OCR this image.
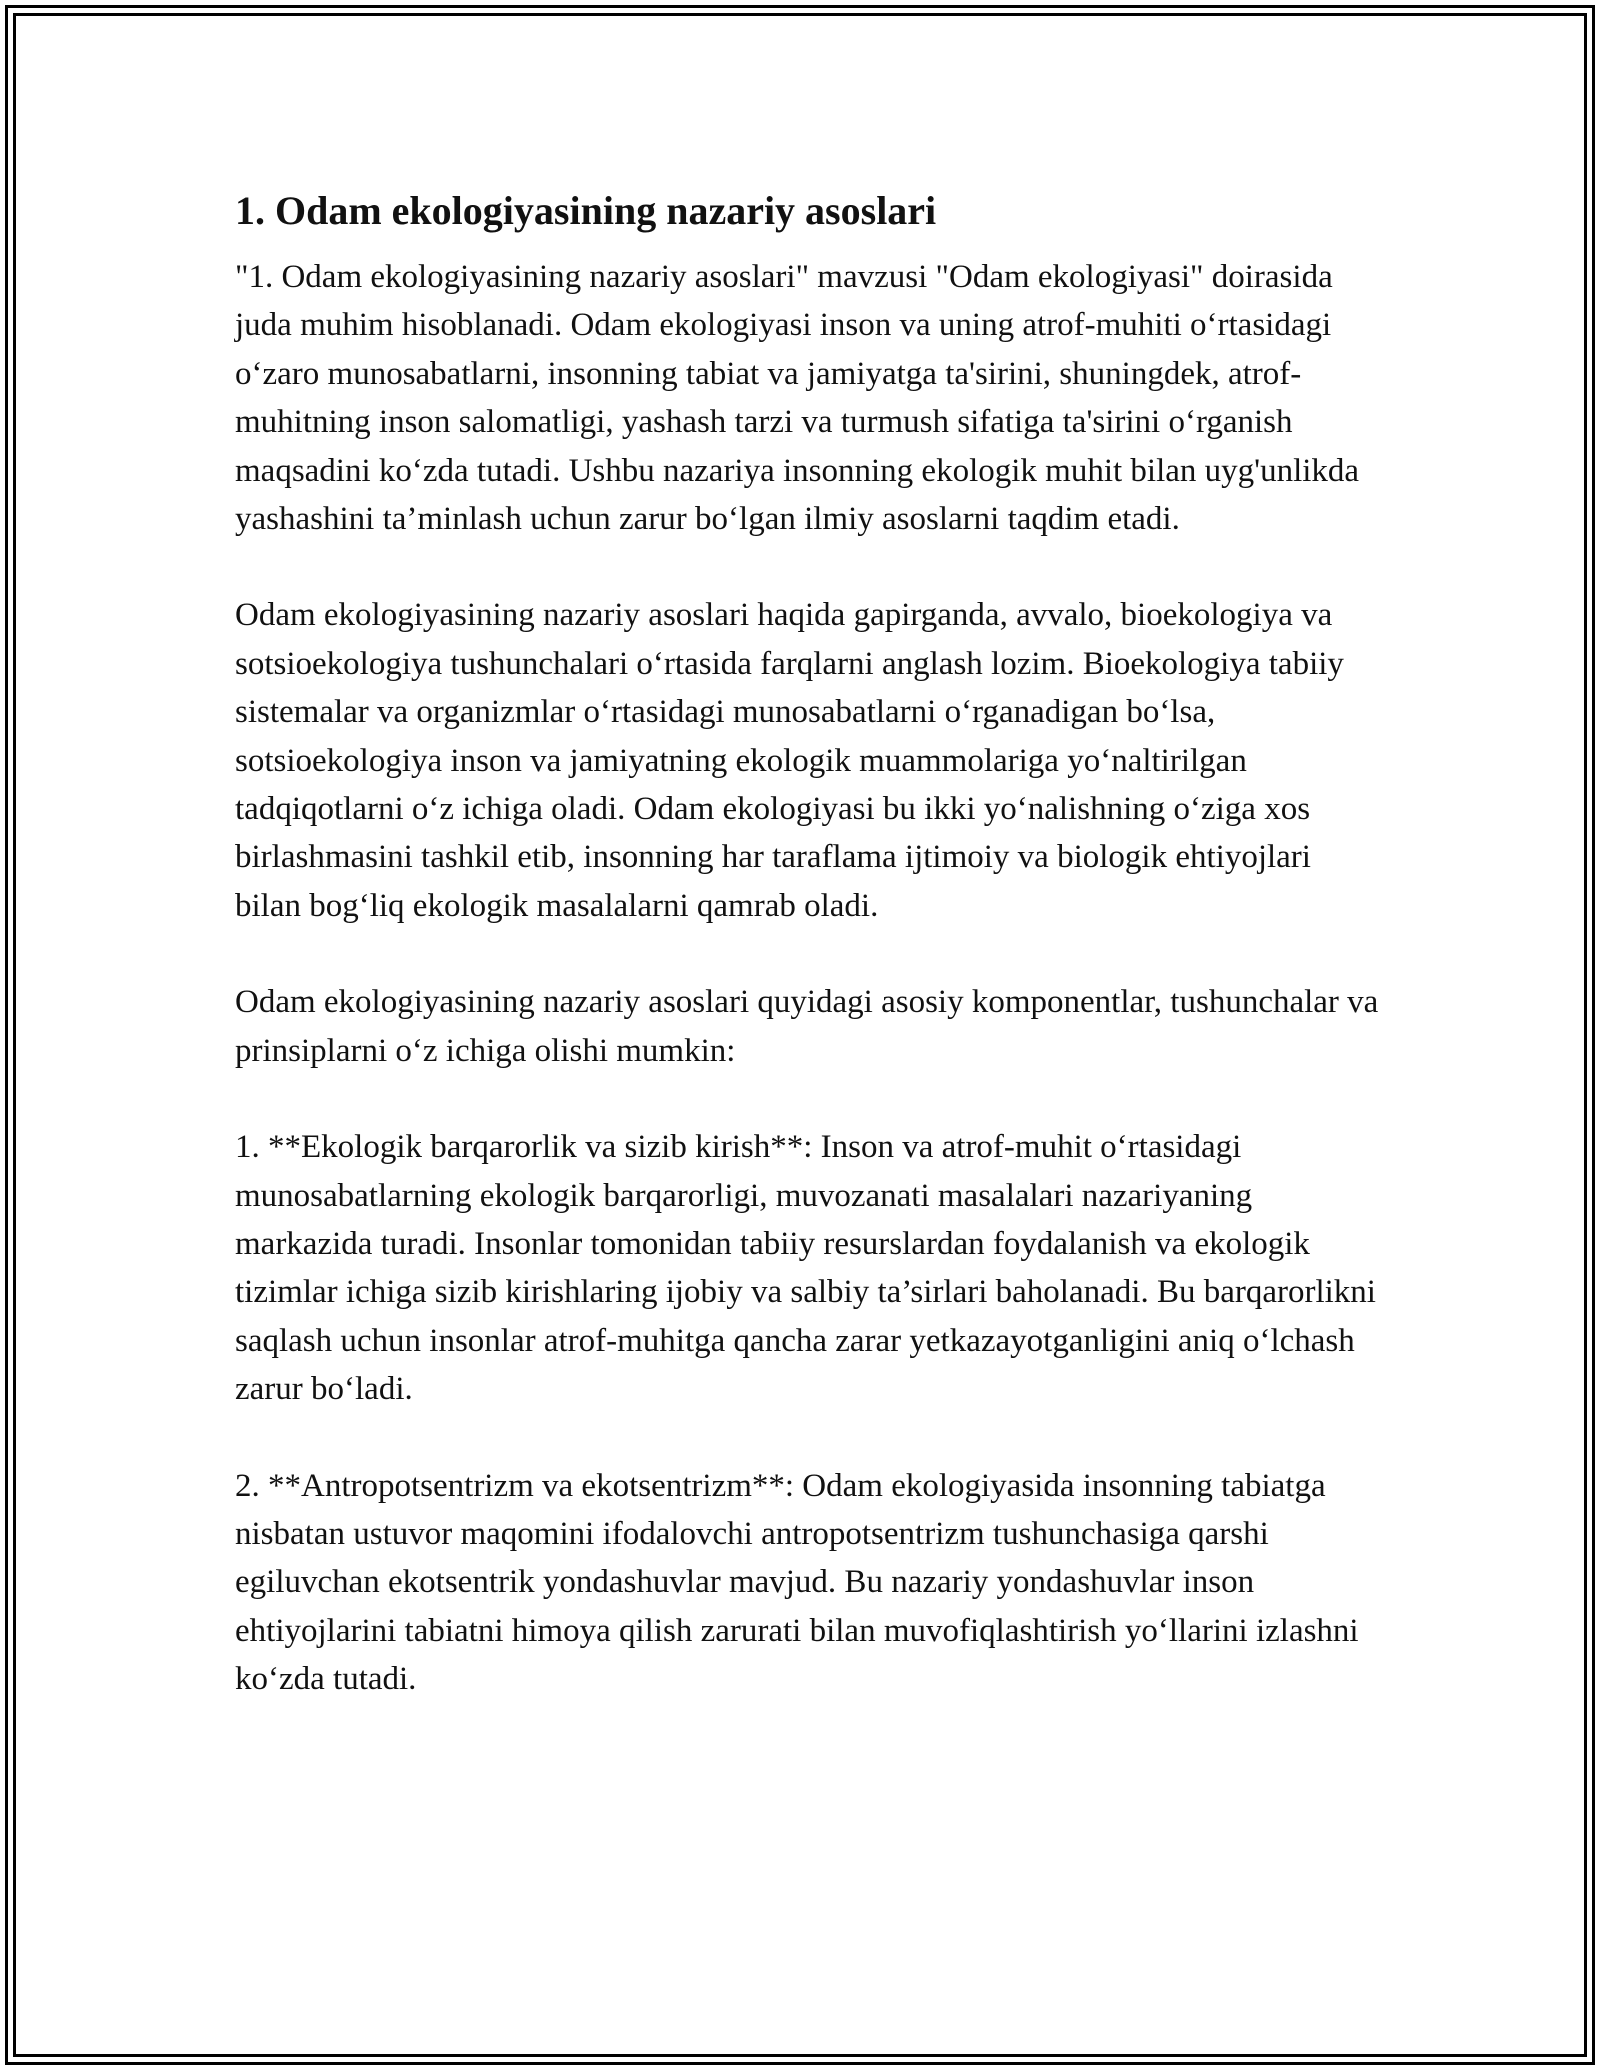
1. Odam ekologiyasining nazariy asoslari

"1. Odam ekologiyasining nazariy asoslari" mavzusi "Odam ekologiyasi" doirasida juda muhim hisoblanadi. Odam ekologiyasi inson va uning atrof-muhiti o‘rtasidagi o‘zaro munosabatlarni, insonning tabiat va jamiyatga ta'sirini, shuningdek, atrof-muhitning inson salomatligi, yashash tarzi va turmush sifatiga ta'sirini o‘rganish maqsadini ko‘zda tutadi. Ushbu nazariya insonning ekologik muhit bilan uyg'unlikda yashashini ta’minlash uchun zarur bo‘lgan ilmiy asoslarni taqdim etadi.

Odam ekologiyasining nazariy asoslari haqida gapirganda, avvalo, bioekologiya va sotsioekologiya tushunchalari o‘rtasida farqlarni anglash lozim. Bioekologiya tabiiy sistemalar va organizmlar o‘rtasidagi munosabatlarni o‘rganadigan bo‘lsa, sotsioekologiya inson va jamiyatning ekologik muammolariga yo‘naltirilgan tadqiqotlarni o‘z ichiga oladi. Odam ekologiyasi bu ikki yo‘nalishning o‘ziga xos birlashmasini tashkil etib, insonning har taraflama ijtimoiy va biologik ehtiyojlari bilan bog‘liq ekologik masalalarni qamrab oladi.

Odam ekologiyasining nazariy asoslari quyidagi asosiy komponentlar, tushunchalar va prinsiplarni o‘z ichiga olishi mumkin:

1. **Ekologik barqarorlik va sizib kirish**: Inson va atrof-muhit o‘rtasidagi munosabatlarning ekologik barqarorligi, muvozanati masalalari nazariyaning markazida turadi. Insonlar tomonidan tabiiy resurslardan foydalanish va ekologik tizimlar ichiga sizib kirishlaring ijobiy va salbiy ta’sirlari baholanadi. Bu barqarorlikni saqlash uchun insonlar atrof-muhitga qancha zarar yetkazayotganligini aniq o‘lchash zarur bo‘ladi.

2. **Antropotsentrizm va ekotsentrizm**: Odam ekologiyasida insonning tabiatga nisbatan ustuvor maqomini ifodalovchi antropotsentrizm tushunchasiga qarshi egiluvchan ekotsentrik yondashuvlar mavjud. Bu nazariy yondashuvlar inson ehtiyojlarini tabiatni himoya qilish zarurati bilan muvofiqlashtirish yo‘llarini izlashni ko‘zda tutadi.
